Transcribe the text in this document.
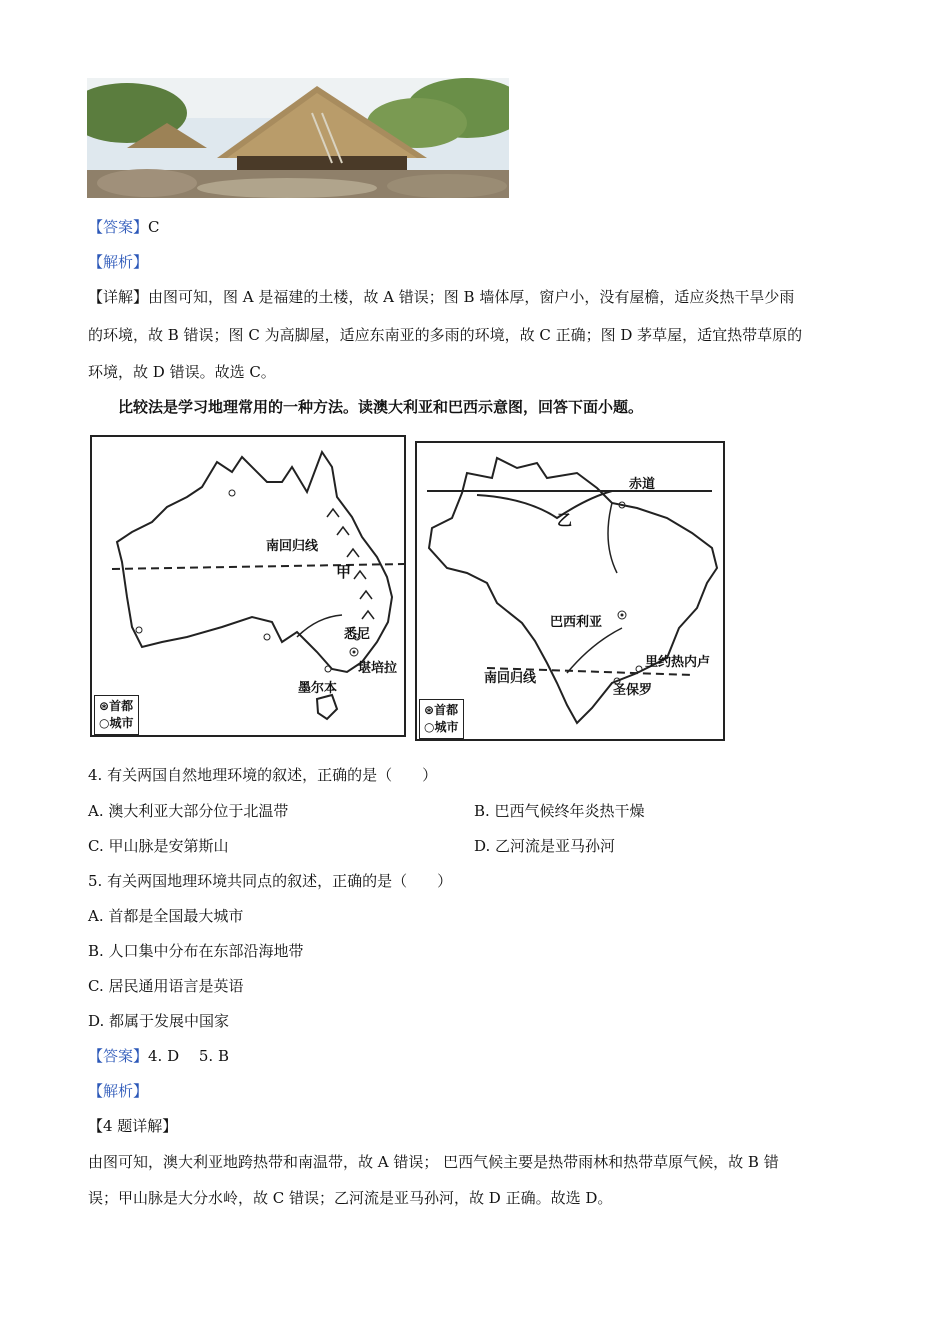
【答案】C
【解析】
【详解】由图可知，图 A 是福建的土楼，故 A 错误；图 B 墙体厚，窗户小，没有屋檐，适应炎热干旱少雨
的环境，故 B 错误；图 C 为高脚屋，适应东南亚的多雨的环境，故 C 正确；图 D 茅草屋，适宜热带草原的
环境，故 D 错误。故选 C。
比较法是学习地理常用的一种方法。读澳大利亚和巴西示意图，回答下面小题。
南回归线
甲
悉尼
堪培拉
墨尔本
⊛首都
○城市
赤道
乙
巴西利亚
里约热内卢
圣保罗
南回归线
⊛首都
○城市
4. 有关两国自然地理环境的叙述，正确的是（　　）
A. 澳大利亚大部分位于北温带	B. 巴西气候终年炎热干燥
C. 甲山脉是安第斯山	D. 乙河流是亚马孙河
5. 有关两国地理环境共同点的叙述，正确的是（　　）
A. 首都是全国最大城市
B. 人口集中分布在东部沿海地带
C. 居民通用语言是英语
D. 都属于发展中国家
【答案】4. D　 5. B
【解析】
【4 题详解】
由图可知，澳大利亚地跨热带和南温带，故 A 错误； 巴西气候主要是热带雨林和热带草原气候，故 B 错
误；甲山脉是大分水岭，故 C 错误；乙河流是亚马孙河，故 D 正确。故选 D。
